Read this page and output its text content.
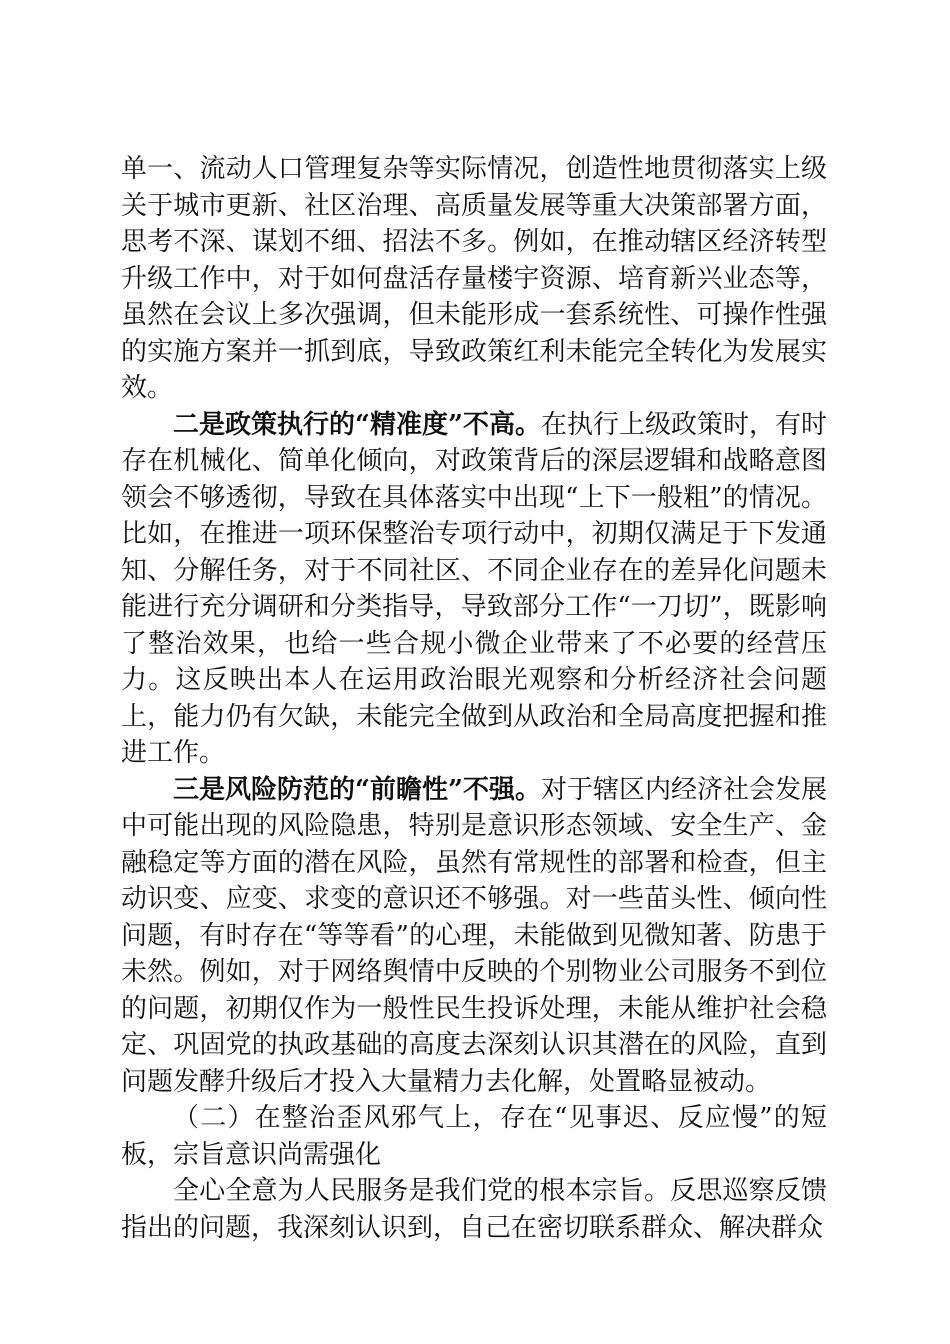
单一、流动人口管理复杂等实际情况，创造性地贯彻落实上级关于城市更新、社区治理、高质量发展等重大决策部署方面，思考不深、谋划不细、招法不多。例如，在推动辖区经济转型升级工作中，对于如何盘活存量楼宇资源、培育新兴业态等，虽然在会议上多次强调，但未能形成一套系统性、可操作性强的实施方案并一抓到底，导致政策红利未能完全转化为发展实效。

二是政策执行的“精准度”不高。在执行上级政策时，有时存在机械化、简单化倾向，对政策背后的深层逻辑和战略意图领会不够透彻，导致在具体落实中出现“上下一般粗”的情况。比如，在推进一项环保整治专项行动中，初期仅满足于下发通知、分解任务，对于不同社区、不同企业存在的差异化问题未能进行充分调研和分类指导，导致部分工作“一刀切”，既影响了整治效果，也给一些合规小微企业带来了不必要的经营压力。这反映出本人在运用政治眼光观察和分析经济社会问题上，能力仍有欠缺，未能完全做到从政治和全局高度把握和推进工作。

三是风险防范的“前瞻性”不强。对于辖区内经济社会发展中可能出现的风险隐患，特别是意识形态领域、安全生产、金融稳定等方面的潜在风险，虽然有常规性的部署和检查，但主动识变、应变、求变的意识还不够强。对一些苗头性、倾向性问题，有时存在“等等看”的心理，未能做到见微知著、防患于未然。例如，对于网络舆情中反映的个别物业公司服务不到位的问题，初期仅作为一般性民生投诉处理，未能从维护社会稳定、巩固党的执政基础的高度去深刻认识其潜在的风险，直到问题发酵升级后才投入大量精力去化解，处置略显被动。

（二）在整治歪风邪气上，存在“见事迟、反应慢”的短板，宗旨意识尚需强化

全心全意为人民服务是我们党的根本宗旨。反思巡察反馈指出的问题，我深刻认识到，自己在密切联系群众、解决群众
